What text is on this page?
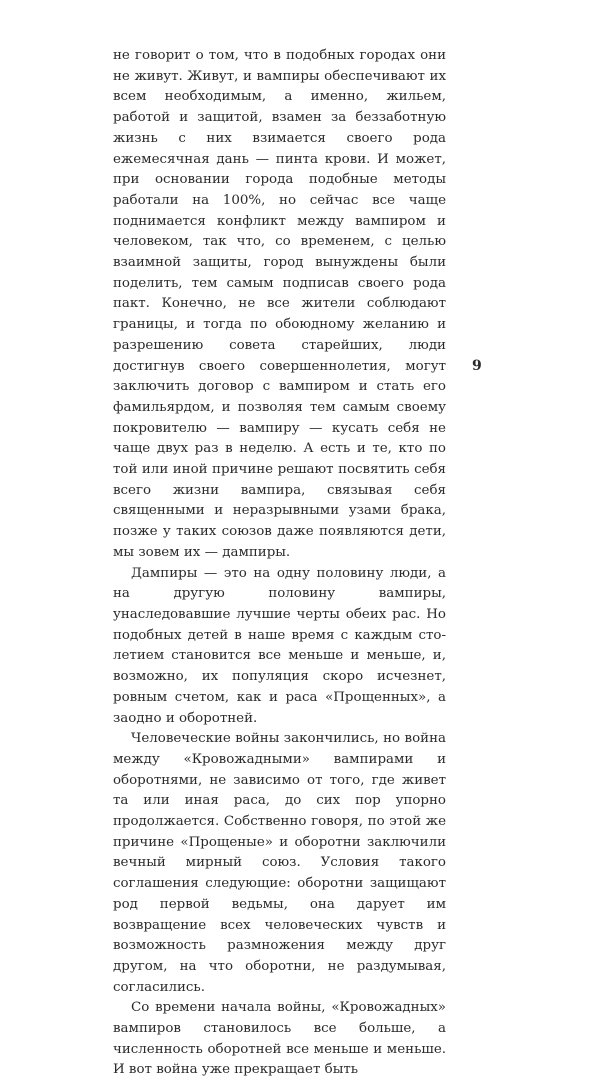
не говорит о том, что в подобных городах они не живут. Живут, и вампиры обеспечивают их всем необходимым, а именно, жильем, работой и защитой, взамен за беззаботную жизнь с них взимается своего рода ежемесячная дань — пинта крови. И может, при основании города подобные методы работали на 100%, но сейчас все чаще поднимается конфликт между вампиром и человеком, так что, со временем, с целью взаимной защиты, город вынуждены были поделить, тем самым подписав своего рода пакт. Конечно, не все жители соблюдают границы, и тогда по обоюдному желанию и разрешению совета старейших, люди достигнув своего совершеннолетия, могут заключить договор с вампиром и стать его фамильярдом, и позволяя тем самым своему покровителю — вампиру — кусать себя не чаще двух раз в неделю. А есть и те, кто по той или иной причине решают посвятить себя всего жизни вампира, связывая себя священными и неразрывными узами брака, позже у таких союзов даже появляются дети, мы зовем их — дампиры.

Дампиры — это на одну половину люди, а на другую половину вампиры, унаследовавшие лучшие черты обеих рас. Но подобных детей в наше время с каждым столетием становится все меньше и меньше, и, возможно, их популяция скоро исчезнет, ровным счетом, как и раса «Прощенных», а заодно и оборотней.

Человеческие войны закончились, но война между «Кровожадными» вампирами и оборотнями, не зависимо от того, где живет та или иная раса, до сих пор упорно продолжается. Собственно говоря, по этой же причине «Прощеные» и оборотни заключили вечный мирный союз. Условия такого соглашения следующие: оборотни защищают род первой ведьмы, она дарует им возвращение всех человеческих чувств и возможность размножения между друг другом, на что оборотни, не раздумывая, согласились.

Со времени начала войны, «Кровожадных» вампиров становилось все больше, а численность оборотней все меньше и меньше. И вот война уже прекращает быть

9
